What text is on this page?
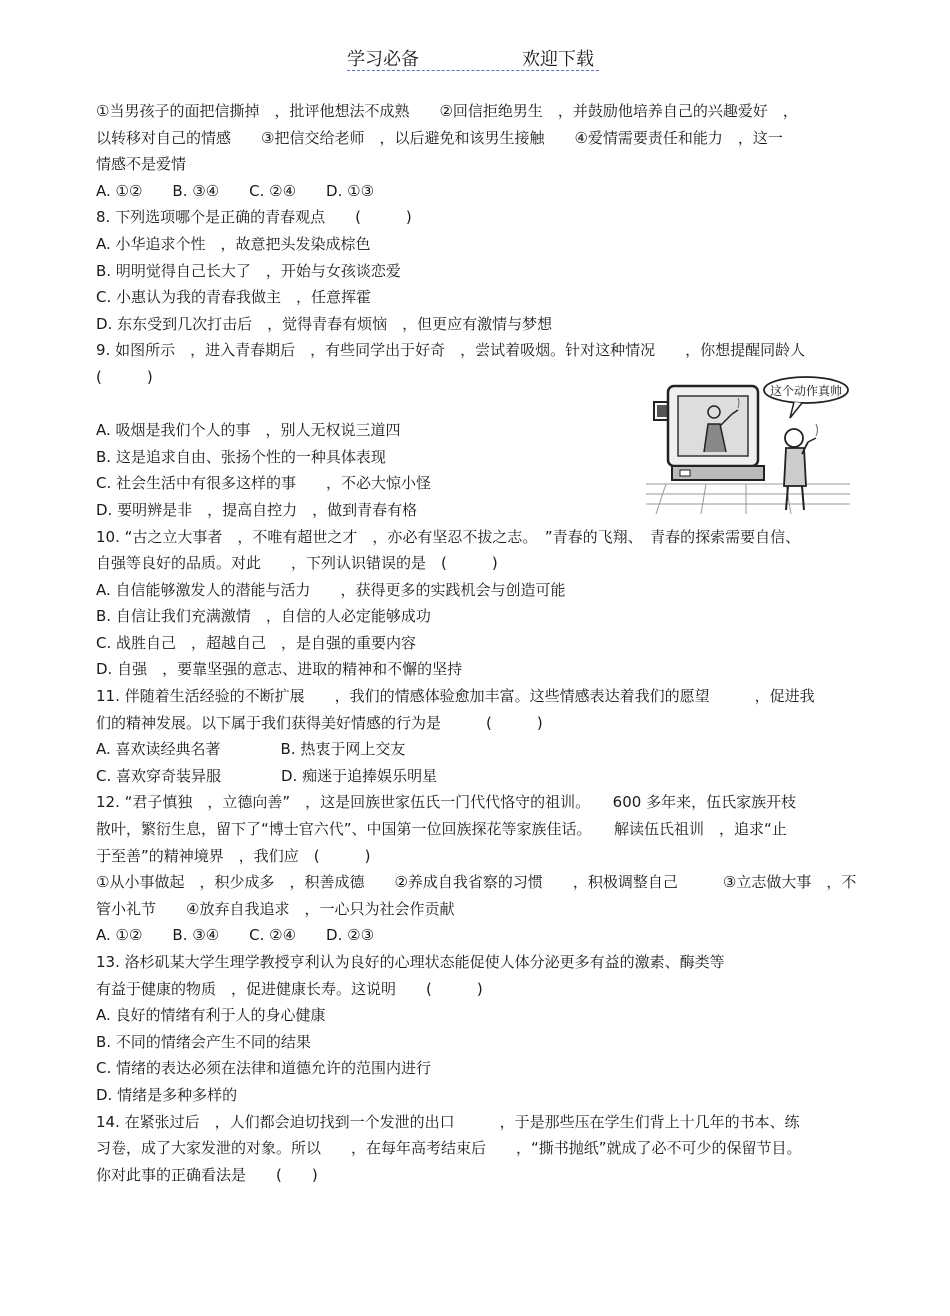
学习必备	欢迎下载
①当男孩子的面把信撕掉　，批评他想法不成熟　　②回信拒绝男生　，并鼓励他培养自己的兴趣爱好　，
以转移对自己的情感　　③把信交给老师　，以后避免和该男生接触　　④爱情需要责任和能力　，这一
情感不是爱情
A. ①②　　B. ③④　　C. ②④　　D. ①③
8. 下列选项哪个是正确的青春观点　　(　　　)
A. 小华追求个性　，故意把头发染成棕色
B. 明明觉得自己长大了　，开始与女孩谈恋爱
C. 小惠认为我的青春我做主　，任意挥霍
D. 东东受到几次打击后　，觉得青春有烦恼　，但更应有激情与梦想
9. 如图所示　，进入青春期后　，有些同学出于好奇　，尝试着吸烟。针对这种情况　　，你想提醒同龄人
(　　　)
A. 吸烟是我们个人的事　，别人无权说三道四
B. 这是追求自由、张扬个性的一种具体表现
C. 社会生活中有很多这样的事　　，不必大惊小怪
D. 要明辨是非　，提高自控力　，做到青春有格
10. “古之立大事者　，不唯有超世之才　，亦必有坚忍不拔之志。　”青春的飞翔、　青春的探索需要自信、
自强等良好的品质。对此　　，下列认识错误的是　(　　　)
A. 自信能够激发人的潜能与活力　　，获得更多的实践机会与创造可能
B. 自信让我们充满激情　，自信的人必定能够成功
C. 战胜自己　，超越自己　，是自强的重要内容
D. 自强　，要靠坚强的意志、进取的精神和不懈的坚持
11. 伴随着生活经验的不断扩展　　，我们的情感体验愈加丰富。这些情感表达着我们的愿望　　　，促进我
们的精神发展。以下属于我们获得美好情感的行为是　　　(　　　)
A. 喜欢读经典名著　　　　B. 热衷于网上交友
C. 喜欢穿奇装异服　　　　D. 痴迷于追捧娱乐明星
12. “君子慎独　，立德向善”　，这是回族世家伍氏一门代代恪守的祖训。　　600 多年来，伍氏家族开枝
散叶，繁衍生息，留下了“博士官六代”、中国第一位回族探花等家族佳话。　　解读伍氏祖训　，追求“止
于至善”的精神境界　，我们应　(　　　)
①从小事做起　，积少成多　，积善成德　　②养成自我省察的习惯　　，积极调整自己　　　③立志做大事　，不
管小礼节　　④放弃自我追求　，一心只为社会作贡献
A. ①②　　B. ③④　　C. ②④　　D. ②③
13. 洛杉矶某大学生理学教授亨利认为良好的心理状态能促使人体分泌更多有益的激素、酶类等
有益于健康的物质　，促进健康长寿。这说明　　(　　　)
A. 良好的情绪有利于人的身心健康
B. 不同的情绪会产生不同的结果
C. 情绪的表达必须在法律和道德允许的范围内进行
D. 情绪是多种多样的
14. 在紧张过后　，人们都会迫切找到一个发泄的出口　　　，于是那些压在学生们背上十几年的书本、练
习卷，成了大家发泄的对象。所以　　，在每年高考结束后　　，“撕书抛纸”就成了必不可少的保留节目。
你对此事的正确看法是　　(　　)
这个动作真帅
